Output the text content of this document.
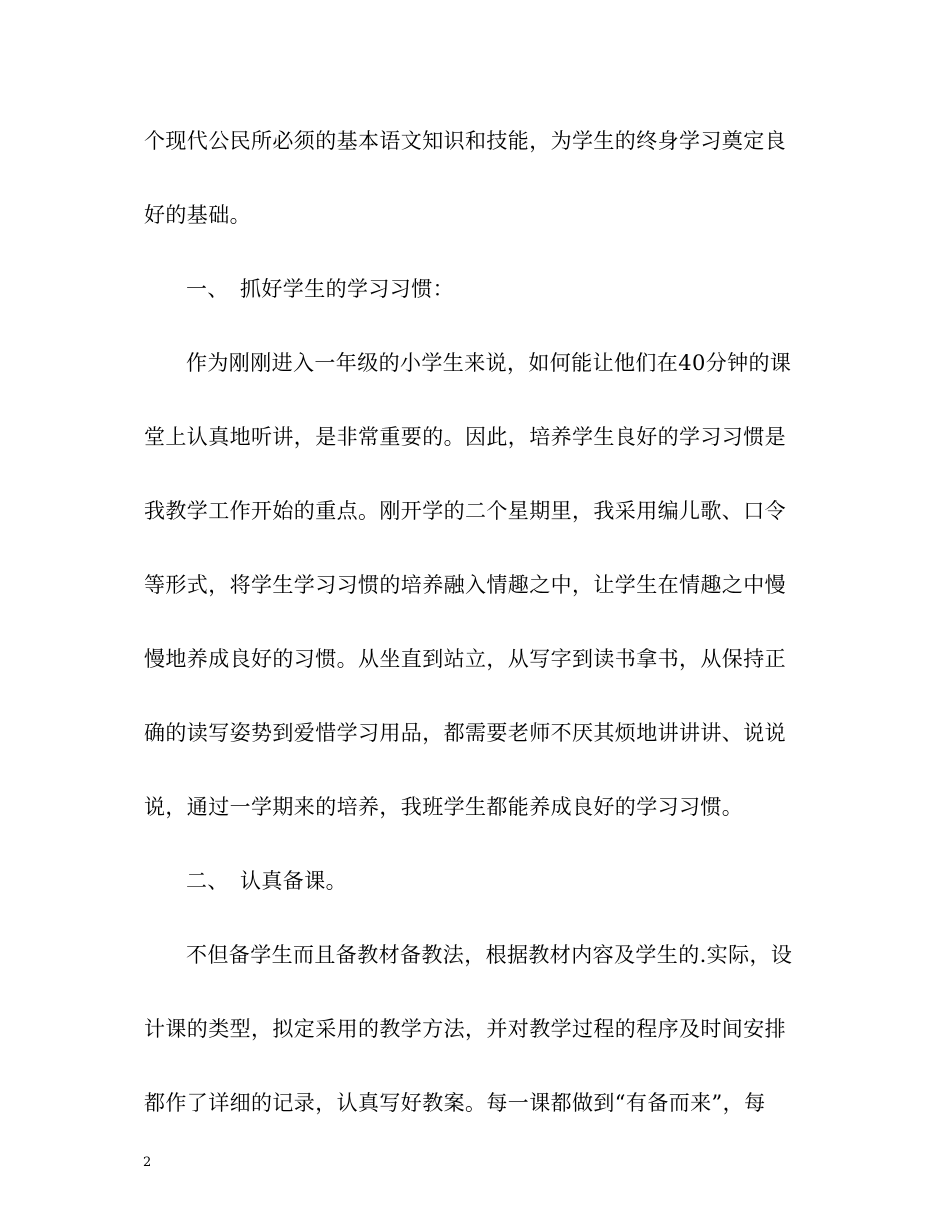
个现代公民所必须的基本语文知识和技能，为学生的终身学习奠定良
好的基础。
一、 抓好学生的学习习惯：
作为刚刚进入一年级的小学生来说，如何能让他们在40分钟的课
堂上认真地听讲，是非常重要的。因此，培养学生良好的学习习惯是
我教学工作开始的重点。刚开学的二个星期里，我采用编儿歌、口令
等形式，将学生学习习惯的培养融入情趣之中，让学生在情趣之中慢
慢地养成良好的习惯。从坐直到站立，从写字到读书拿书，从保持正
确的读写姿势到爱惜学习用品，都需要老师不厌其烦地讲讲讲、说说
说，通过一学期来的培养，我班学生都能养成良好的学习习惯。
二、 认真备课。
不但备学生而且备教材备教法，根据教材内容及学生的.实际，设
计课的类型，拟定采用的教学方法，并对教学过程的程序及时间安排
都作了详细的记录，认真写好教案。每一课都做到“有备而来”，每
2
